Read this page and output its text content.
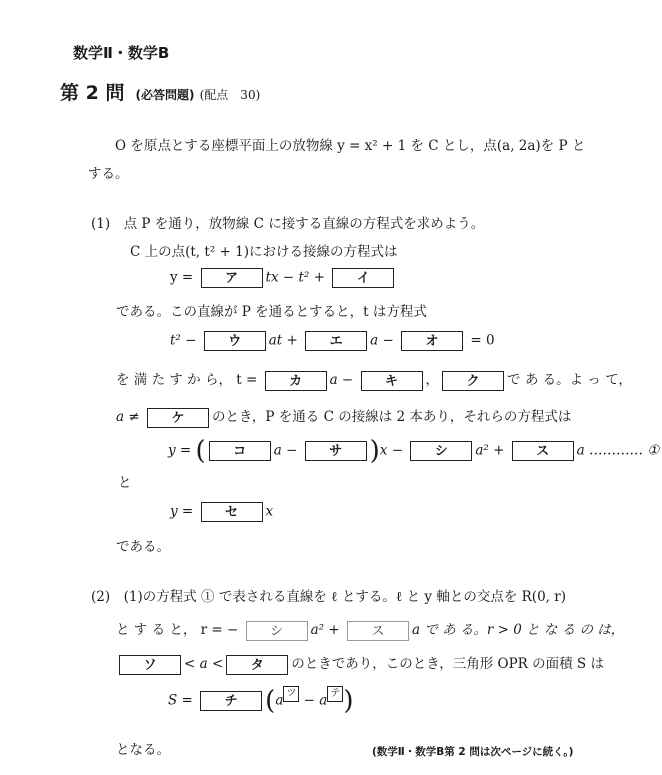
数学Ⅱ・数学B
第 2 問 (必答問題) (配点　30)
O を原点とする座標平面上の放物線 y = x² + 1 を C とし，点(a, 2a)を P と
する。
(1)　点 P を通り，放物線 C に接する直線の方程式を求めよう。
C 上の点(t, t² + 1)における接線の方程式は
y = ア tx − t² + イ
である。この直線が P を通るとすると，t は方程式
t² − ウ at + エ a − オ = 0
を 満 た す か ら， t = カ a − キ ， ク で あ る。よ っ て，
a ≠ ケ のとき，P を通る C の接線は 2 本あり，それらの方程式は
y = ( コ a − サ )x − シ a² + ス a ………… ①
と
y = セ x
である。
(2)　(1)の方程式 ① で表される直線を ℓ とする。ℓ と y 軸との交点を R(0, r)
と す る と， r = − シ a² + ス a で あ る。r > 0 と な る の は，
ソ < a < タ のときであり，このとき，三角形 OPR の面積 S は
S = チ (a ツ − a テ )
となる。	(数学Ⅱ・数学B第 2 問は次ページに続く。)
